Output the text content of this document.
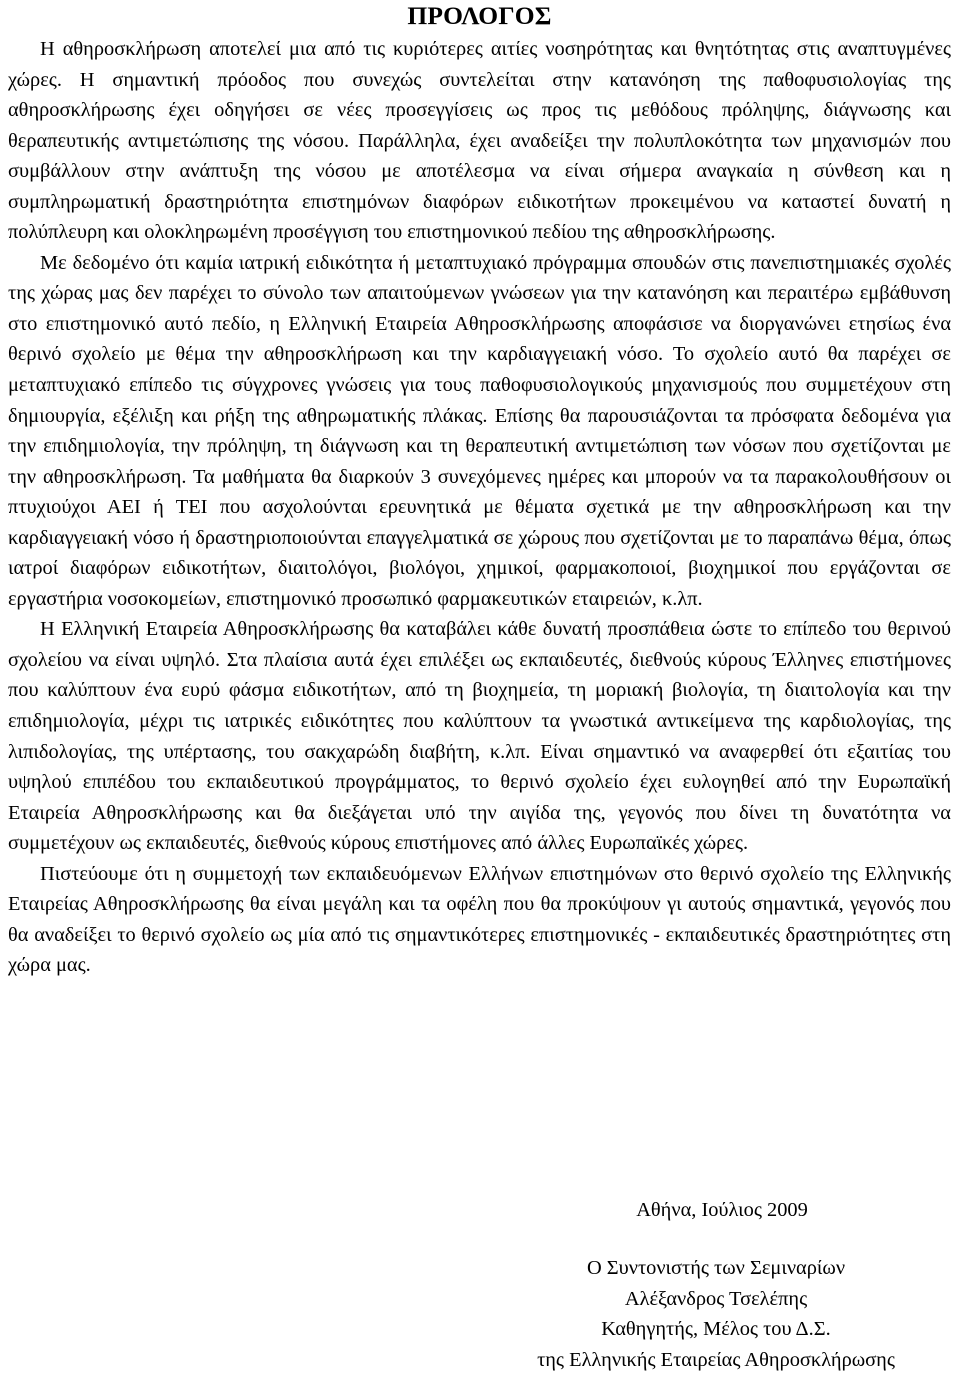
ΠΡΟΛΟΓΟΣ

Η αθηροσκλήρωση αποτελεί μια από τις κυριότερες αιτίες νοσηρότητας και θνητότητας στις αναπτυγμένες χώρες. Η σημαντική πρόοδος που συνεχώς συντελείται στην κατανόηση της παθοφυσιολογίας της αθηροσκλήρωσης έχει οδηγήσει σε νέες προσεγγίσεις ως προς τις μεθόδους πρόληψης, διάγνωσης και θεραπευτικής αντιμετώπισης της νόσου. Παράλληλα, έχει αναδείξει την πολυπλοκότητα των μηχανισμών που συμβάλλουν στην ανάπτυξη της νόσου με αποτέλεσμα να είναι σήμερα αναγκαία η σύνθεση και η συμπληρωματική δραστηριότητα επιστημόνων διαφόρων ειδικοτήτων προκειμένου να καταστεί δυνατή η πολύπλευρη και ολοκληρωμένη προσέγγιση του επιστημονικού πεδίου της αθηροσκλήρωσης.

Με δεδομένο ότι καμία ιατρική ειδικότητα ή μεταπτυχιακό πρόγραμμα σπουδών στις πανεπιστημιακές σχολές της χώρας μας δεν παρέχει το σύνολο των απαιτούμενων γνώσεων για την κατανόηση και περαιτέρω εμβάθυνση στο επιστημονικό αυτό πεδίο, η Ελληνική Εταιρεία Αθηροσκλήρωσης αποφάσισε να διοργανώνει ετησίως ένα θερινό σχολείο με θέμα την αθηροσκλήρωση και την καρδιαγγειακή νόσο. Το σχολείο αυτό θα παρέχει σε μεταπτυχιακό επίπεδο τις σύγχρονες γνώσεις για τους παθοφυσιολογικούς μηχανισμούς που συμμετέχουν στη δημιουργία, εξέλιξη και ρήξη της αθηρωματικής πλάκας. Επίσης θα παρουσιάζονται τα πρόσφατα δεδομένα για την επιδημιολογία, την πρόληψη, τη διάγνωση και τη θεραπευτική αντιμετώπιση των νόσων που σχετίζονται με την αθηροσκλήρωση. Τα μαθήματα θα διαρκούν 3 συνεχόμενες ημέρες και μπορούν να τα παρακολουθήσουν οι πτυχιούχοι ΑΕΙ ή ΤΕΙ που ασχολούνται ερευνητικά με θέματα σχετικά με την αθηροσκλήρωση και την καρδιαγγειακή νόσο ή δραστηριοποιούνται επαγγελματικά σε χώρους που σχετίζονται με το παραπάνω θέμα, όπως ιατροί διαφόρων ειδικοτήτων, διαιτολόγοι, βιολόγοι, χημικοί, φαρμακοποιοί, βιοχημικοί που εργάζονται σε εργαστήρια νοσοκομείων, επιστημονικό προσωπικό φαρμακευτικών εταιρειών, κ.λπ.

Η Ελληνική Εταιρεία Αθηροσκλήρωσης θα καταβάλει κάθε δυνατή προσπάθεια ώστε το επίπεδο του θερινού σχολείου να είναι υψηλό. Στα πλαίσια αυτά έχει επιλέξει ως εκπαιδευτές, διεθνούς κύρους Έλληνες επιστήμονες που καλύπτουν ένα ευρύ φάσμα ειδικοτήτων, από τη βιοχημεία, τη μοριακή βιολογία, τη διαιτολογία και την επιδημιολογία, μέχρι τις ιατρικές ειδικότητες που καλύπτουν τα γνωστικά αντικείμενα της καρδιολογίας, της λιπιδολογίας, της υπέρτασης, του σακχαρώδη διαβήτη, κ.λπ. Είναι σημαντικό να αναφερθεί ότι εξαιτίας του υψηλού επιπέδου του εκπαιδευτικού προγράμματος, το θερινό σχολείο έχει ευλογηθεί από την Ευρωπαϊκή Εταιρεία Αθηροσκλήρωσης και θα διεξάγεται υπό την αιγίδα της, γεγονός που δίνει τη δυνατότητα να συμμετέχουν ως εκπαιδευτές, διεθνούς κύρους επιστήμονες από άλλες Ευρωπαϊκές χώρες.

Πιστεύουμε ότι η συμμετοχή των εκπαιδευόμενων Ελλήνων επιστημόνων στο θερινό σχολείο της Ελληνικής Εταιρείας Αθηροσκλήρωσης θα είναι μεγάλη και τα οφέλη που θα προκύψουν γι αυτούς σημαντικά, γεγονός που θα αναδείξει το θερινό σχολείο ως μία από τις σημαντικότερες επιστημονικές - εκπαιδευτικές δραστηριότητες στη χώρα μας.

Αθήνα, Ιούλιος 2009
Ο Συντονιστής των Σεμιναρίων
Αλέξανδρος Τσελέπης
Καθηγητής, Μέλος του Δ.Σ.
της Ελληνικής Εταιρείας Αθηροσκλήρωσης
